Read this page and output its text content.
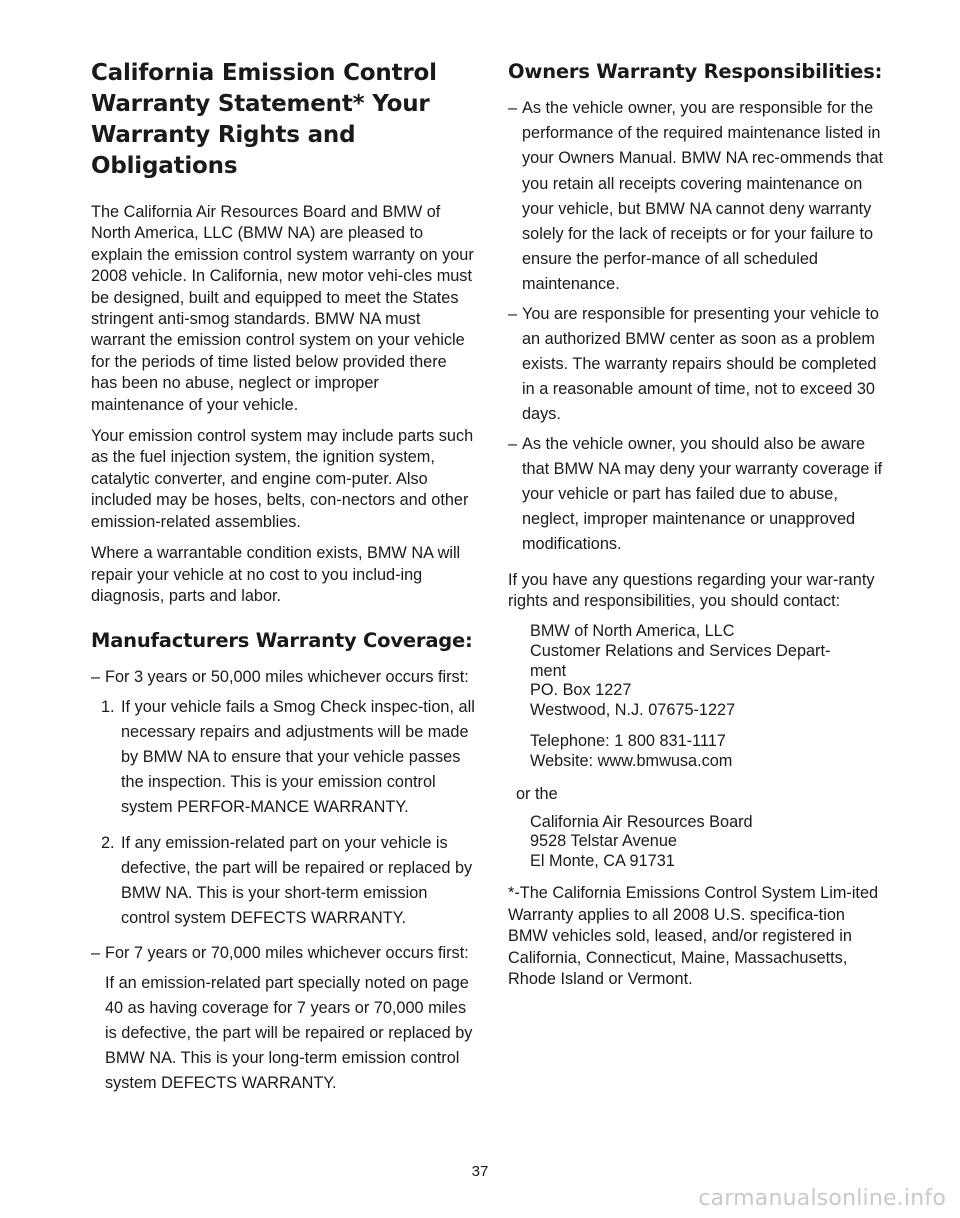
California Emission Control
Warranty Statement* Your
Warranty Rights and Obligations

The California Air Resources Board and BMW of North America, LLC (BMW NA) are pleased to explain the emission control system warranty on your 2008 vehicle. In California, new motor vehi-cles must be designed, built and equipped to meet the States stringent anti-smog standards. BMW NA must warrant the emission control system on your vehicle for the periods of time listed below provided there has been no abuse, neglect or improper maintenance of your vehicle.

Your emission control system may include parts such as the fuel injection system, the ignition system, catalytic converter, and engine com-puter. Also included may be hoses, belts, con-nectors and other emission-related assemblies.

Where a warrantable condition exists, BMW NA will repair your vehicle at no cost to you includ-ing diagnosis, parts and labor.

Manufacturers Warranty Coverage:
– For 3 years or 50,000 miles whichever occurs first:
1. If your vehicle fails a Smog Check inspec-tion, all necessary repairs and adjustments will be made by BMW NA to ensure that your vehicle passes the inspection. This is your emission control system PERFOR-MANCE WARRANTY.
2. If any emission-related part on your vehicle is defective, the part will be repaired or replaced by BMW NA. This is your short-term emission control system DEFECTS WARRANTY.
– For 7 years or 70,000 miles whichever occurs first:
If an emission-related part specially noted on page 40 as having coverage for 7 years or 70,000 miles is defective, the part will be repaired or replaced by BMW NA. This is your long-term emission control system DEFECTS WARRANTY.
Owners Warranty Responsibilities:
– As the vehicle owner, you are responsible for the performance of the required maintenance listed in your Owners Manual. BMW NA rec-ommends that you retain all receipts covering maintenance on your vehicle, but BMW NA cannot deny warranty solely for the lack of receipts or for your failure to ensure the perfor-mance of all scheduled maintenance.
– You are responsible for presenting your vehicle to an authorized BMW center as soon as a problem exists. The warranty repairs should be completed in a reasonable amount of time, not to exceed 30 days.
– As the vehicle owner, you should also be aware that BMW NA may deny your warranty coverage if your vehicle or part has failed due to abuse, neglect, improper maintenance or unapproved modifications.

If you have any questions regarding your war-ranty rights and responsibilities, you should contact:

BMW of North America, LLC
Customer Relations and Services Depart-
ment
PO. Box 1227
Westwood, N.J. 07675-1227
Telephone: 1 800 831-1117
Website: www.bmwusa.com
or the
California Air Resources Board
9528 Telstar Avenue
El Monte, CA 91731

*-The California Emissions Control System Lim-ited Warranty applies to all 2008 U.S. specifica-tion BMW vehicles sold, leased, and/or registered in California, Connecticut, Maine, Massachusetts, Rhode Island or Vermont.

37
carmanualsonline.info
